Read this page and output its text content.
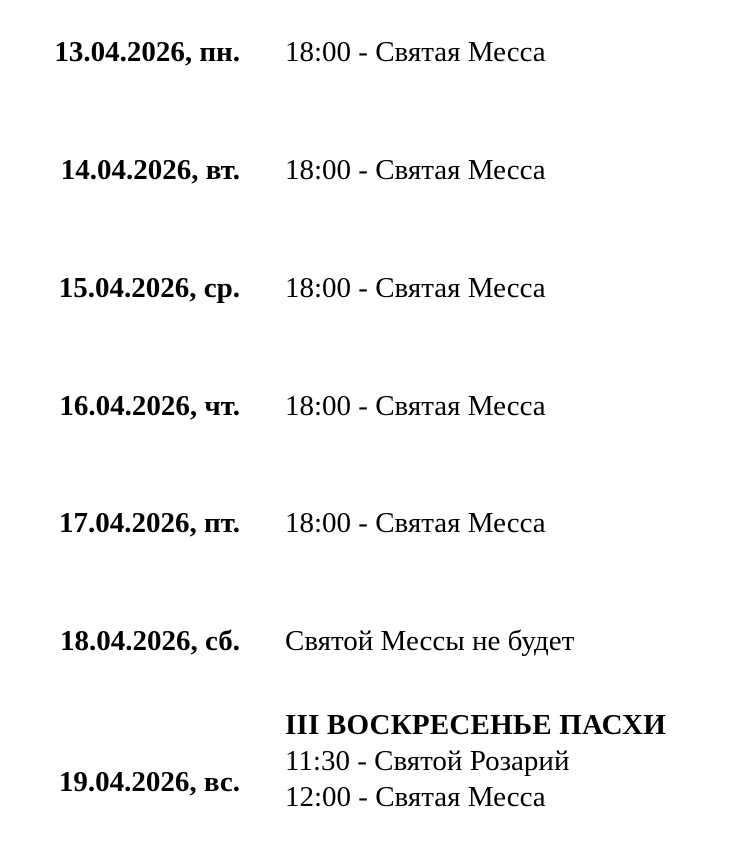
13.04.2026, пн. 18:00 - Святая Месса
14.04.2026, вт. 18:00 - Святая Месса
15.04.2026, ср. 18:00 - Святая Месса
16.04.2026, чт. 18:00 - Святая Месса
17.04.2026, пт. 18:00 - Святая Месса
18.04.2026, сб. Святой Мессы не будет
19.04.2026, вс.
III ВОСКРЕСЕНЬЕ ПАСХИ
11:30 - Святой Розарий
12:00 - Святая Месса
